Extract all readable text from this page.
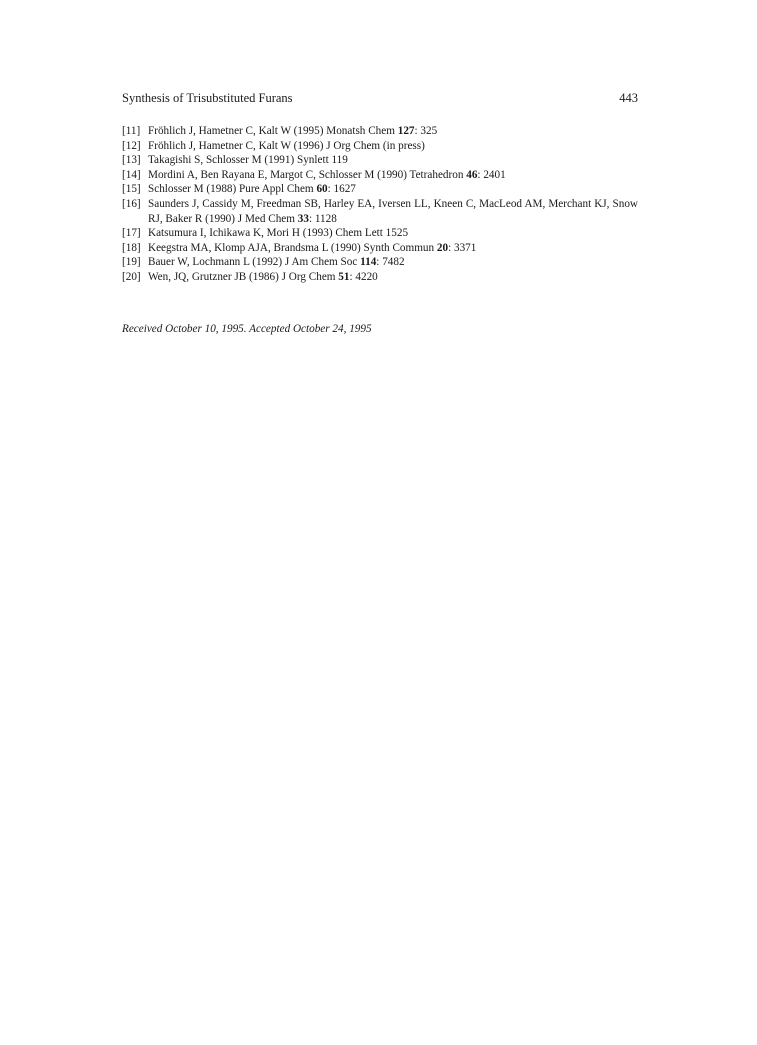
Synthesis of Trisubstituted Furans	443
[11] Fröhlich J, Hametner C, Kalt W (1995) Monatsh Chem 127: 325
[12] Fröhlich J, Hametner C, Kalt W (1996) J Org Chem (in press)
[13] Takagishi S, Schlosser M (1991) Synlett 119
[14] Mordini A, Ben Rayana E, Margot C, Schlosser M (1990) Tetrahedron 46: 2401
[15] Schlosser M (1988) Pure Appl Chem 60: 1627
[16] Saunders J, Cassidy M, Freedman SB, Harley EA, Iversen LL, Kneen C, MacLeod AM, Merchant KJ, Snow RJ, Baker R (1990) J Med Chem 33: 1128
[17] Katsumura I, Ichikawa K, Mori H (1993) Chem Lett 1525
[18] Keegstra MA, Klomp AJA, Brandsma L (1990) Synth Commun 20: 3371
[19] Bauer W, Lochmann L (1992) J Am Chem Soc 114: 7482
[20] Wen, JQ, Grutzner JB (1986) J Org Chem 51: 4220
Received October 10, 1995. Accepted October 24, 1995
